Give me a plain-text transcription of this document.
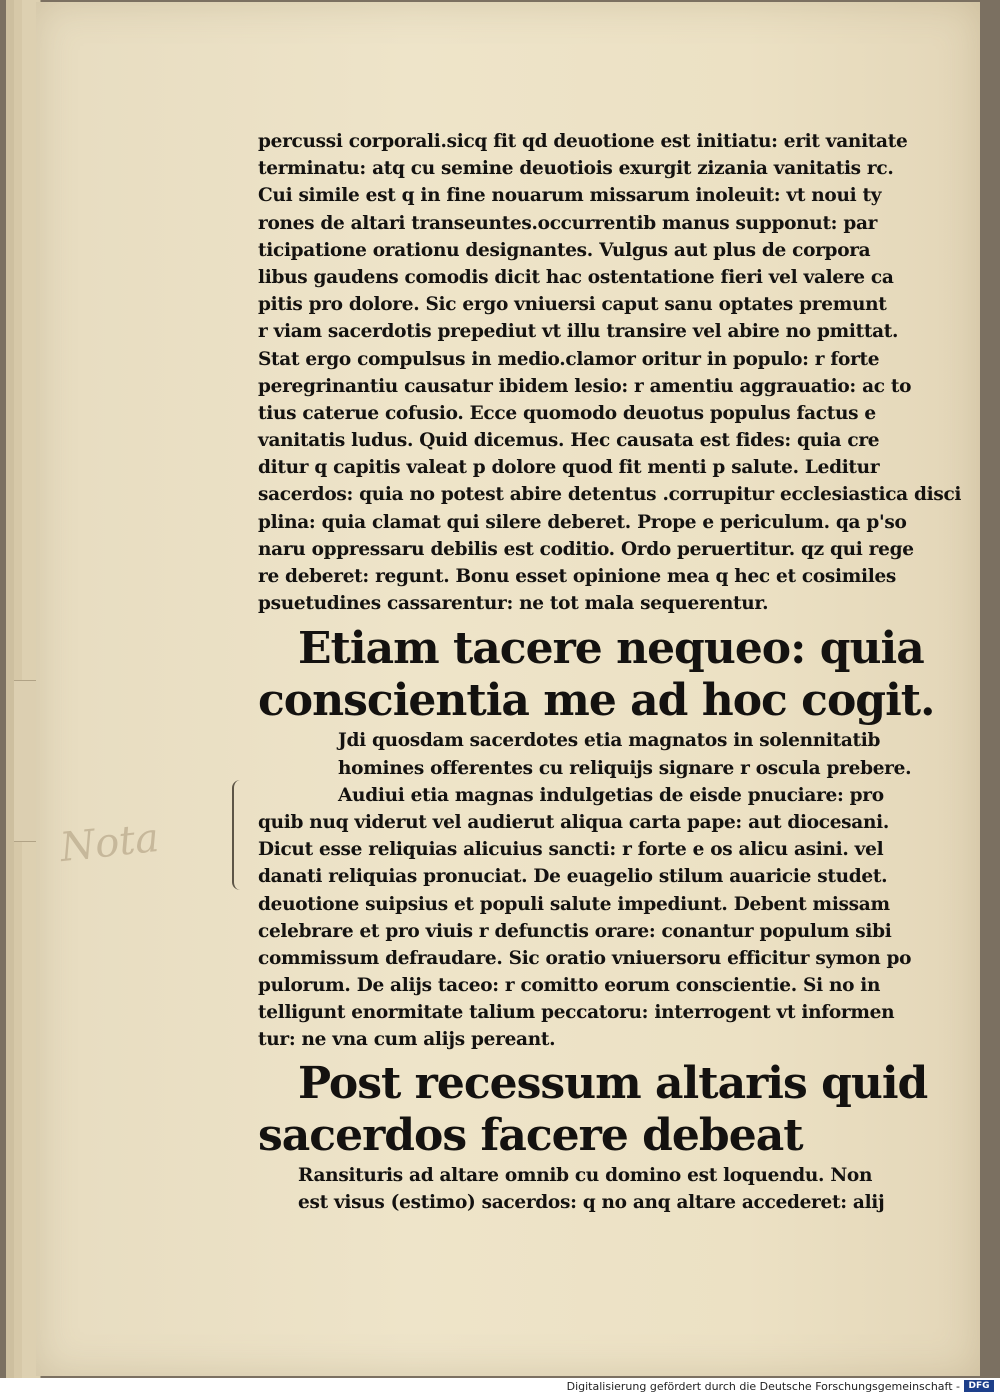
Nota
percussi corporali.sicq fit qd deuotione est initiatu: erit vanitate
terminatu: atq cu semine deuotiois exurgit zizania vanitatis rc.
Cui simile est q in fine nouarum missarum inoleuit: vt noui ty
rones de altari transeuntes.occurrentib manus supponut: par
ticipatione orationu designantes. Vulgus aut plus de corpora
libus gaudens comodis dicit hac ostentatione fieri vel valere ca
pitis pro dolore. Sic ergo vniuersi caput sanu optates premunt
r viam sacerdotis prepediut vt illu transire vel abire no pmittat.
Stat ergo compulsus in medio.clamor oritur in populo: r forte
peregrinantiu causatur ibidem lesio: r amentiu aggrauatio: ac to
tius caterue cofusio. Ecce quomodo deuotus populus factus e
vanitatis ludus. Quid dicemus. Hec causata est fides: quia cre
ditur q capitis valeat p dolore quod fit menti p salute. Leditur
sacerdos: quia no potest abire detentus .corrupitur ecclesiastica disci
plina: quia clamat qui silere deberet. Prope e periculum. qa p'so
naru oppressaru debilis est coditio. Ordo peruertitur. qz qui rege
re deberet: regunt. Bonu esset opinione mea q hec et cosimiles
psuetudines cassarentur: ne tot mala sequerentur.
Etiam tacere nequeo: quia
conscientia me ad hoc cogit.
Jdi quosdam sacerdotes etia magnatos in solennitatib
homines offerentes cu reliquijs signare r oscula prebere.
Audiui etia magnas indulgetias de eisde pnuciare: pro
quib nuq viderut vel audierut aliqua carta pape: aut diocesani.
Dicut esse reliquias alicuius sancti: r forte e os alicu asini. vel
danati reliquias pronuciat. De euagelio stilum auaricie studet.
deuotione suipsius et populi salute impediunt. Debent missam
celebrare et pro viuis r defunctis orare: conantur populum sibi
commissum defraudare. Sic oratio vniuersoru efficitur symon po
pulorum. De alijs taceo: r comitto eorum conscientie. Si no in
telligunt enormitate talium peccatoru: interrogent vt informen
tur: ne vna cum alijs pereant.
Post recessum altaris quid
sacerdos facere debeat
Ransituris ad altare omnib cu domino est loquendu. Non
est visus (estimo) sacerdos: q no anq altare accederet: alij
Digitalisierung gefördert durch die Deutsche Forschungsgemeinschaft - DFG
